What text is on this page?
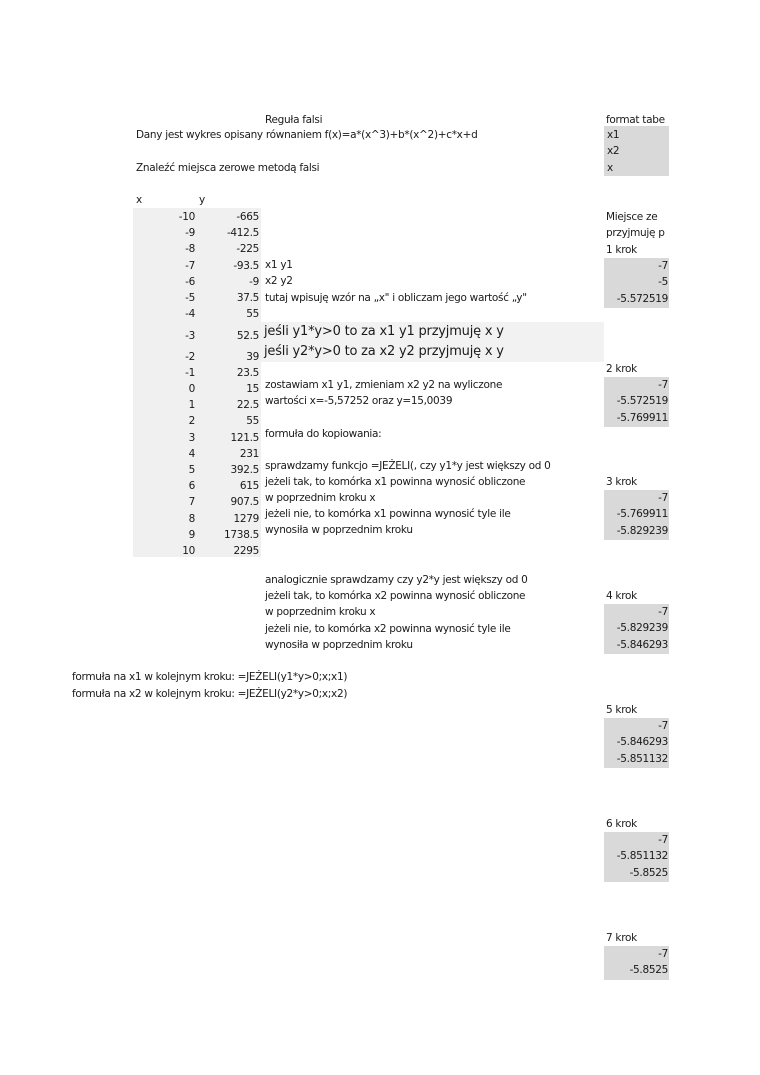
Reguła falsi
Dany jest wykres opisany równaniem f(x)=a*(x^3)+b*(x^2)+c*x+d
Znaleźć miejsca zerowe metodą falsi
x	y
-10
-9
-8
-7
-6
-5
-4
-3
-2
-1
0
1
2
3
4
5
6
7
8
9
10
-665
-412.5
-225
-93.5
-9
37.5
55
52.5
39
23.5
15
22.5
55
121.5
231
392.5
615
907.5
1279
1738.5
2295
x1 y1
x2 y2
tutaj wpisuję wzór na „x" i obliczam jego wartość „y"
jeśli y1*y>0 to za x1 y1 przyjmuję x y
jeśli y2*y>0 to za x2 y2 przyjmuję x y
zostawiam x1 y1, zmieniam x2 y2 na wyliczone
wartości x=-5,57252 oraz y=15,0039
formuła do kopiowania:
sprawdzamy funkcjo =JEŻELI(, czy y1*y jest większy od 0
jeżeli tak, to komórka x1 powinna wynosić obliczone
w poprzednim kroku x
jeżeli nie, to komórka x1 powinna wynosić tyle ile
wynosiła w poprzednim kroku
analogicznie sprawdzamy czy y2*y jest większy od 0
jeżeli tak, to komórka x2 powinna wynosić obliczone
w poprzednim kroku x
jeżeli nie, to komórka x2 powinna wynosić tyle ile
wynosiła w poprzednim kroku
formuła na x1 w kolejnym kroku: =JEŻELI(y1*y>0;x;x1)
formuła na x2 w kolejnym kroku: =JEŻELI(y2*y>0;x;x2)
format tabe
x1
x2
x
Miejsce ze
przyjmuję p
1 krok
-7
-5
-5.572519
2 krok
-7
-5.572519
-5.769911
3 krok
-7
-5.769911
-5.829239
4 krok
-7
-5.829239
-5.846293
5 krok
-7
-5.846293
-5.851132
6 krok
-7
-5.851132
-5.8525
7 krok
-7
-5.8525
